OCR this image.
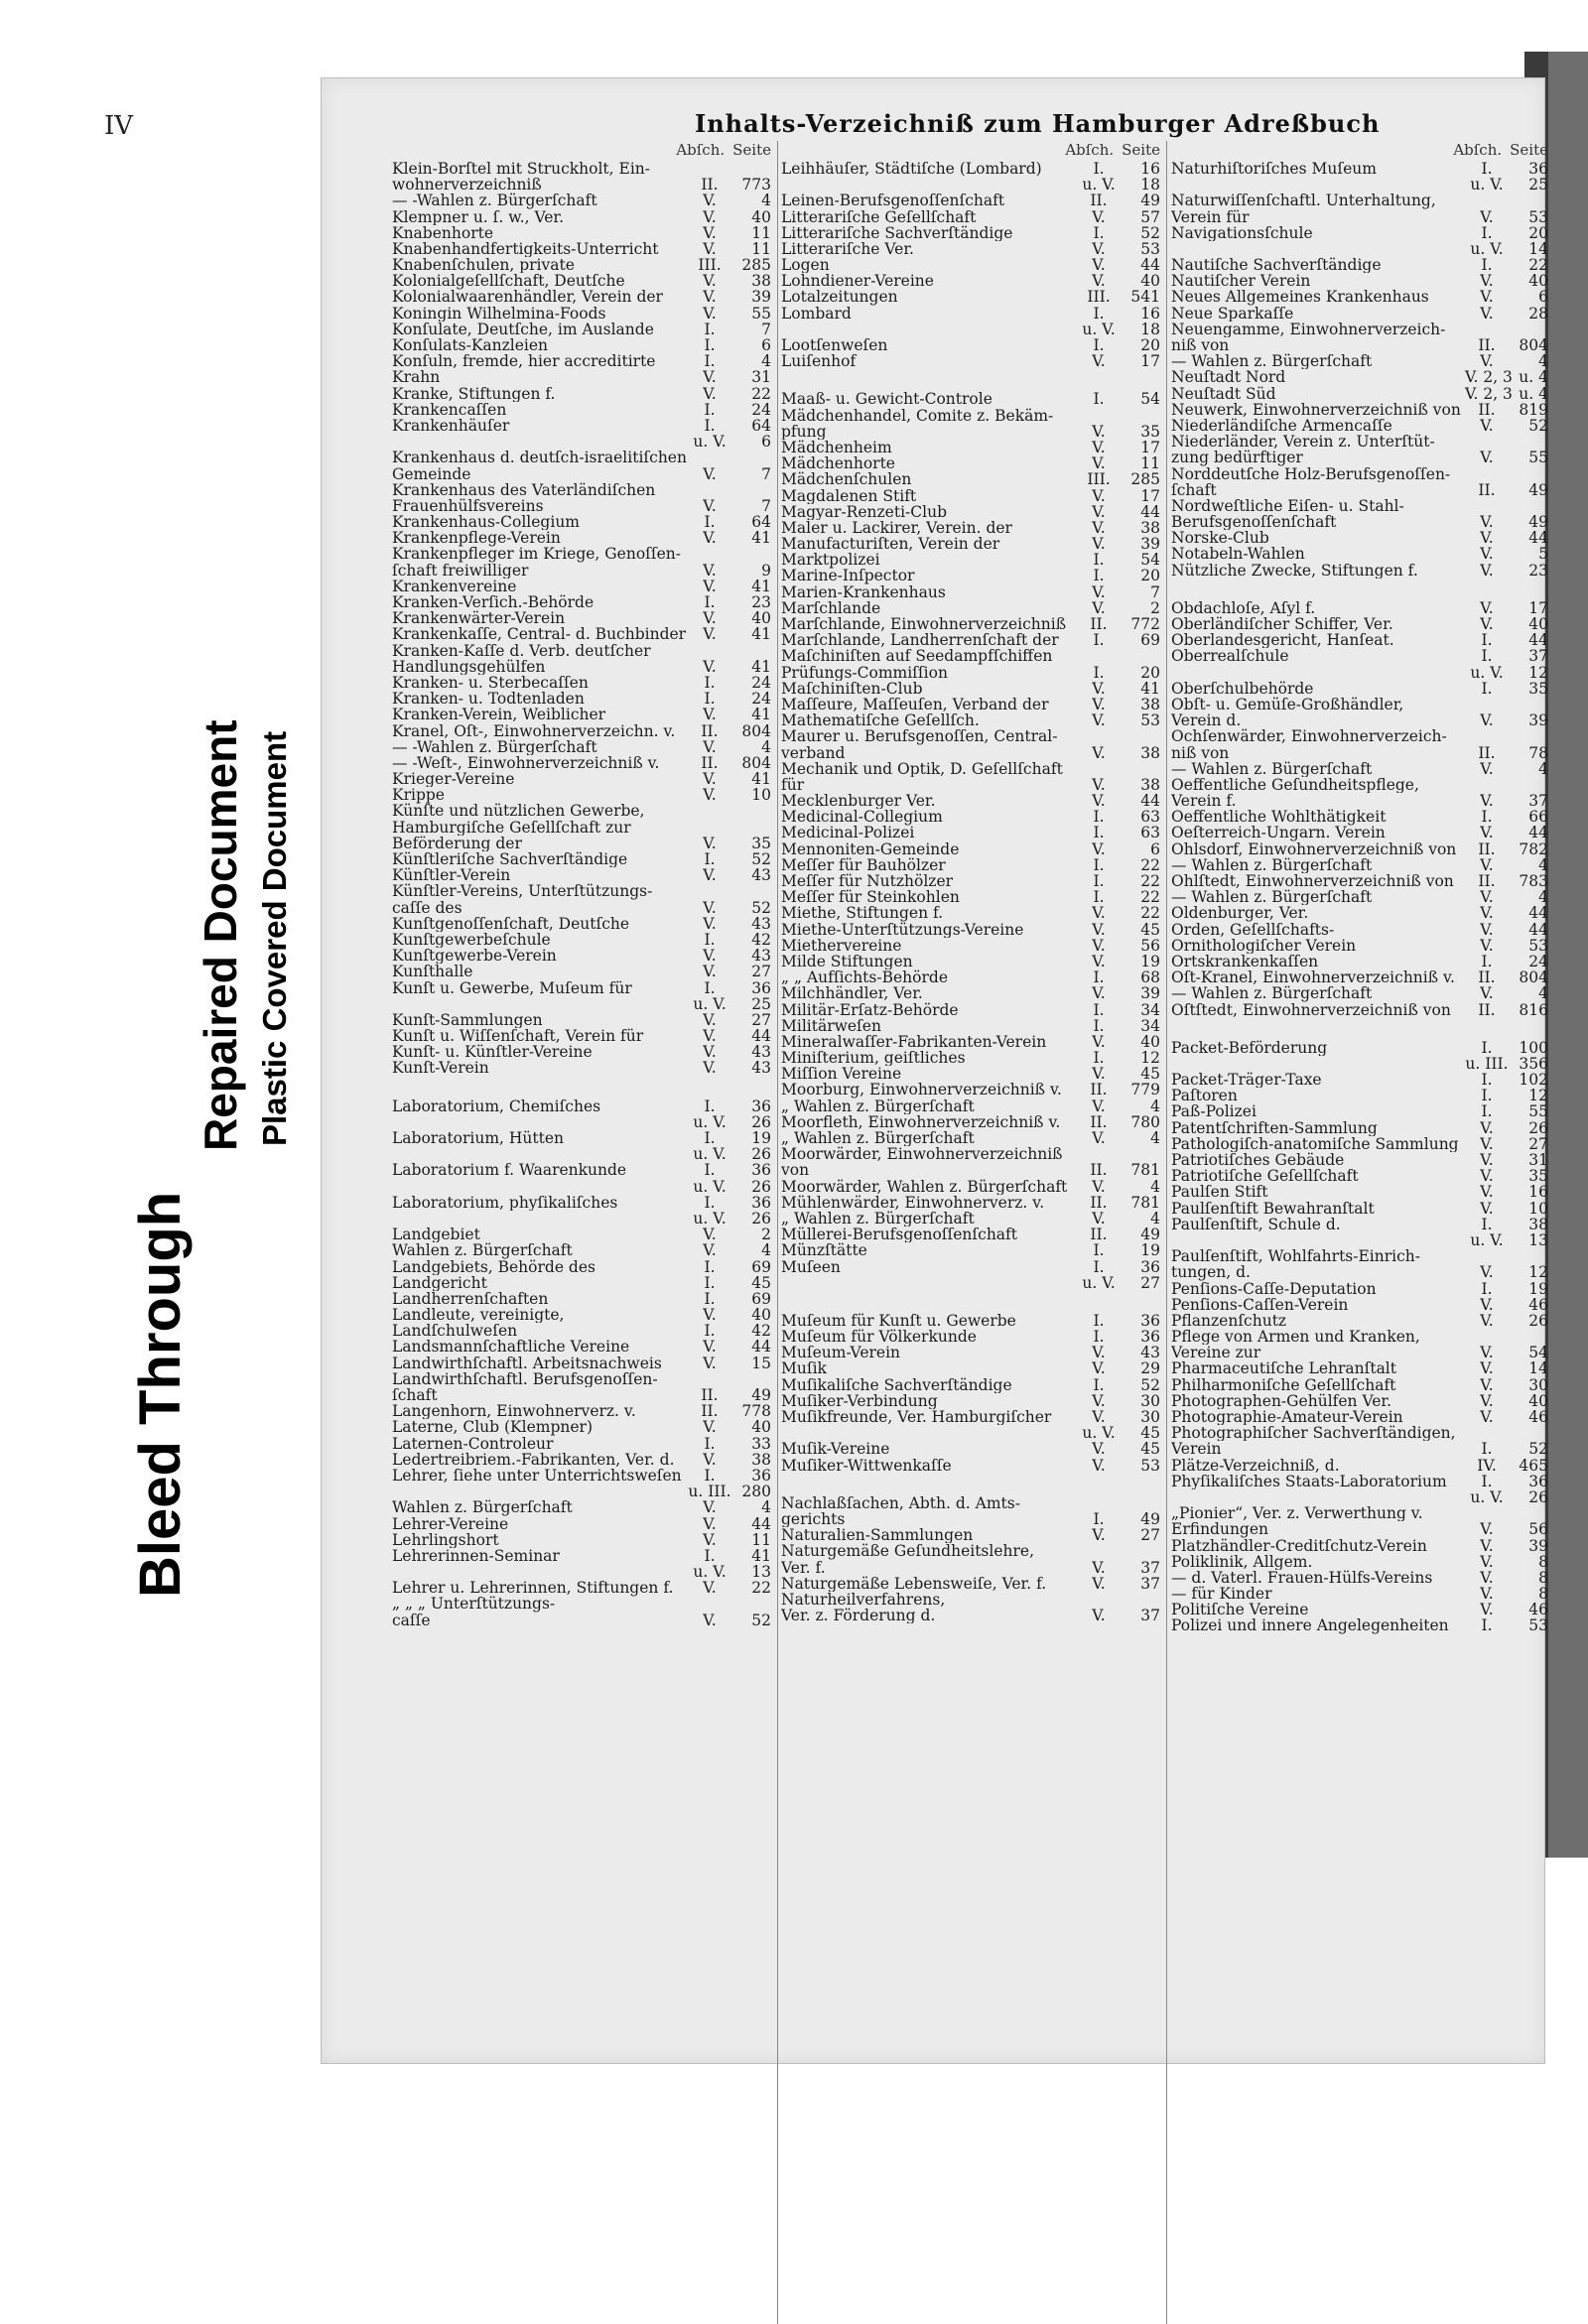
Bleed Through
Repaired Document Plastic Covered Document
IV	Inhalts-Verzeichniß zum Hamburger Adreßbuch
Abſch. Seite
Klein-Borſtel mit Struckholt, Ein-
wohnerverzeichniß	II.	773
— -Wahlen z. Bürgerſchaft	V.	4
Klempner u. ſ. w., Ver.	V.	40
Knabenhorte	V.	11
Knabenhandfertigkeits-Unterricht	V.	11
Knabenſchulen, private	III.	285
Kolonialgeſellſchaft, Deutſche	V.	38
Kolonialwaarenhändler, Verein der	V.	39
Koningin Wilhelmina-Foods	V.	55
Konſulate, Deutſche, im Auslande	I.	7
Konſulats-Kanzleien	I.	6
Konſuln, fremde, hier accreditirte	I.	4
Krahn	V.	31
Kranke, Stiftungen f.	V.	22
Krankencaſſen	I.	24
Krankenhäuſer	I.	64
u. V.	6
Krankenhaus d. deutſch-israelitiſchen
Gemeinde	V.	7
Krankenhaus des Vaterländiſchen
Frauenhülfsvereins	V.	7
Krankenhaus-Collegium	I.	64
Krankenpflege-Verein	V.	41
Krankenpfleger im Kriege, Genoſſen-
ſchaft freiwilliger	V.	9
Krankenvereine	V.	41
Kranken-Verſich.-Behörde	I.	23
Krankenwärter-Verein	V.	40
Krankenkaſſe, Central- d. Buchbinder	V.	41
Kranken-Kaſſe d. Verb. deutſcher
Handlungsgehülfen	V.	41
Kranken- u. Sterbecaſſen	I.	24
Kranken- u. Todtenladen	I.	24
Kranken-Verein, Weiblicher	V.	41
Kranel, Oſt-, Einwohnerverzeichn. v.	II.	804
— -Wahlen z. Bürgerſchaft	V.	4
— -Weſt-, Einwohnerverzeichniß v.	II.	804
Krieger-Vereine	V.	41
Krippe	V.	10
Künſte und nützlichen Gewerbe,
Hamburgiſche Geſellſchaft zur
Beförderung der	V.	35
Künſtleriſche Sachverſtändige	I.	52
Künſtler-Verein	V.	43
Künſtler-Vereins, Unterſtützungs-
caſſe des	V.	52
Kunſtgenoſſenſchaft, Deutſche	V.	43
Kunſtgewerbeſchule	I.	42
Kunſtgewerbe-Verein	V.	43
Kunſthalle	V.	27
Kunſt u. Gewerbe, Muſeum für	I.	36
u. V.	25
Kunſt-Sammlungen	V.	27
Kunſt u. Wiſſenſchaft, Verein für	V.	44
Kunſt- u. Künſtler-Vereine	V.	43
Kunſt-Verein	V.	43
Laboratorium, Chemiſches	I.	36
u. V.	26
Laboratorium, Hütten	I.	19
u. V.	26
Laboratorium f. Waarenkunde	I.	36
u. V.	26
Laboratorium, phyſikaliſches	I.	36
u. V.	26
Landgebiet	V.	2
Wahlen z. Bürgerſchaft	V.	4
Landgebiets, Behörde des	I.	69
Landgericht	I.	45
Landherrenſchaften	I.	69
Landleute, vereinigte,	V.	40
Landſchulweſen	I.	42
Landsmannſchaftliche Vereine	V.	44
Landwirthſchaftl. Arbeitsnachweis	V.	15
Landwirthſchaftl. Berufsgenoſſen-
ſchaft	II.	49
Langenhorn, Einwohnerverz. v.	II.	778
Laterne, Club (Klempner)	V.	40
Laternen-Controleur	I.	33
Ledertreibriem.-Fabrikanten, Ver. d.	V.	38
Lehrer, ſiehe unter Unterrichtsweſen	I.	36
u. III. 280
Wahlen z. Bürgerſchaft	V.	4
Lehrer-Vereine	V.	44
Lehrlingshort	V.	11
Lehrerinnen-Seminar	I.	41
u. V.	13
Lehrer u. Lehrerinnen, Stiftungen f.	V.	22
„ „ „ Unterſtützungs-
caſſe	V.	52
Abſch. Seite
Leihhäuſer, Städtiſche (Lombard)	I.	16
u. V.	18
Leinen-Berufsgenoſſenſchaft	II.	49
Litterariſche Geſellſchaft	V.	57
Litterariſche Sachverſtändige	I.	52
Litterariſche Ver.	V.	53
Logen	V.	44
Lohndiener-Vereine	V.	40
Lotalzeitungen	III.	541
Lombard	I.	16
u. V.	18
Lootſenweſen	I.	20
Luiſenhof	V.	17
Maaß- u. Gewicht-Controle	I.	54
Mädchenhandel, Comite z. Bekäm-
pfung	V.	35
Mädchenheim	V.	17
Mädchenhorte	V.	11
Mädchenſchulen	III.	285
Magdalenen Stift	V.	17
Magyar-Renzeti-Club	V.	44
Maler u. Lackirer, Verein. der	V.	38
Manufacturiſten, Verein der	V.	39
Marktpolizei	I.	54
Marine-Inſpector	I.	20
Marien-Krankenhaus	V.	7
Marſchlande	V.	2
Marſchlande, Einwohnerverzeichniß	II.	772
Marſchlande, Landherrenſchaft der	I.	69
Maſchiniſten auf Seedampfſchiffen
Prüfungs-Commiſſion	I.	20
Maſchiniſten-Club	V.	41
Maſſeure, Maſſeuſen, Verband der	V.	38
Mathematiſche Geſellſch.	V.	53
Maurer u. Berufsgenoſſen, Central-
verband	V.	38
Mechanik und Optik, D. Geſellſchaft
für	V.	38
Mecklenburger Ver.	V.	44
Medicinal-Collegium	I.	63
Medicinal-Polizei	I.	63
Mennoniten-Gemeinde	V.	6
Meſſer für Bauhölzer	I.	22
Meſſer für Nutzhölzer	I.	22
Meſſer für Steinkohlen	I.	22
Miethe, Stiftungen f.	V.	22
Miethe-Unterſtützungs-Vereine	V.	45
Miethervereine	V.	56
Milde Stiftungen	V.	19
„ „ Aufſichts-Behörde	I.	68
Milchhändler, Ver.	V.	39
Militär-Erſatz-Behörde	I.	34
Militärweſen	I.	34
Mineralwaſſer-Fabrikanten-Verein	V.	40
Miniſterium, geiſtliches	I.	12
Miſſion Vereine	V.	45
Moorburg, Einwohnerverzeichniß v.	II.	779
„ Wahlen z. Bürgerſchaft	V.	4
Moorfleth, Einwohnerverzeichniß v.	II.	780
„ Wahlen z. Bürgerſchaft	V.	4
Moorwärder, Einwohnerverzeichniß
von	II.	781
Moorwärder, Wahlen z. Bürgerſchaft	V.	4
Mühlenwärder, Einwohnerverz. v.	II.	781
„ Wahlen z. Bürgerſchaft	V.	4
Müllerei-Berufsgenoſſenſchaft	II.	49
Münzſtätte	I.	19
Muſeen	I.	36
u. V.	27
Muſeum für Kunſt u. Gewerbe	I.	36
Muſeum für Völkerkunde	I.	36
Muſeum-Verein	V.	43
Muſik	V.	29
Muſikaliſche Sachverſtändige	I.	52
Muſiker-Verbindung	V.	30
Muſikfreunde, Ver. Hamburgiſcher	V.	30
u. V.	45
Muſik-Vereine	V.	45
Muſiker-Wittwenkaſſe	V.	53
Nachlaßſachen, Abth. d. Amts-
gerichts	I.	49
Naturalien-Sammlungen	V.	27
Naturgemäße Geſundheitslehre,
Ver. f.	V.	37
Naturgemäße Lebensweiſe, Ver. f.	V.	37
Naturheilverfahrens,
Ver. z. Förderung d.	V.	37
Abſch. Seite
Naturhiſtoriſches Muſeum	I.	36
u. V.	25
Naturwiſſenſchaftl. Unterhaltung,
Verein für	V.	53
Navigationsſchule	I.	20
u. V.	14
Nautiſche Sachverſtändige	I.	22
Nautiſcher Verein	V.	40
Neues Allgemeines Krankenhaus	V.	6
Neue Sparkaſſe	V.	28
Neuengamme, Einwohnerverzeich-
niß von	II.	804
— Wahlen z. Bürgerſchaft	V.	4
Neuſtadt Nord	V. 2, 3 u. 4
Neuſtadt Süd	V. 2, 3 u. 4
Neuwerk, Einwohnerverzeichniß von	II.	819
Niederländiſche Armencaſſe	V.	52
Niederländer, Verein z. Unterſtüt-
zung bedürftiger	V.	55
Norddeutſche Holz-Berufsgenoſſen-
ſchaft	II.	49
Nordweſtliche Eiſen- u. Stahl-
Berufsgenoſſenſchaft	V.	49
Norske-Club	V.	44
Notabeln-Wahlen	V.	5
Nützliche Zwecke, Stiftungen f.	V.	23
Obdachloſe, Aſyl f.	V.	17
Oberländiſcher Schiffer, Ver.	V.	40
Oberlandesgericht, Hanſeat.	I.	44
Oberrealſchule	I.	37
u. V.	12
Oberſchulbehörde	I.	35
Obſt- u. Gemüſe-Großhändler,
Verein d.	V.	39
Ochſenwärder, Einwohnerverzeich-
niß von	II.	78
— Wahlen z. Bürgerſchaft	V.	4
Oeffentliche Geſundheitspflege,
Verein f.	V.	37
Oeffentliche Wohlthätigkeit	I.	66
Oeſterreich-Ungarn. Verein	V.	44
Ohlsdorf, Einwohnerverzeichniß von	II.	782
— Wahlen z. Bürgerſchaft	V.	4
Ohlſtedt, Einwohnerverzeichniß von	II.	783
— Wahlen z. Bürgerſchaft	V.	4
Oldenburger, Ver.	V.	44
Orden, Geſellſchafts-	V.	44
Ornithologiſcher Verein	V.	53
Ortskrankenkaſſen	I.	24
Oſt-Kranel, Einwohnerverzeichniß v.	II.	804
— Wahlen z. Bürgerſchaft	V.	4
Oſtſtedt, Einwohnerverzeichniß von	II.	816
Packet-Beförderung	I.	100
u. III. 356
Packet-Träger-Taxe	I.	102
Paſtoren	I.	12
Paß-Polizei	I.	55
Patentſchriften-Sammlung	V.	26
Pathologiſch-anatomiſche Sammlung	V.	27
Patriotiſches Gebäude	V.	31
Patriotiſche Geſellſchaft	V.	35
Paulſen Stift	V.	16
Paulſenſtift Bewahranſtalt	V.	10
Paulſenſtift, Schule d.	I.	38
u. V.	13
Paulſenſtift, Wohlfahrts-Einrich-
tungen, d.	V.	12
Penſions-Caſſe-Deputation	I.	19
Penſions-Caſſen-Verein	V.	46
Pflanzenſchutz	V.	26
Pflege von Armen und Kranken,
Vereine zur	V.	54
Pharmaceutiſche Lehranſtalt	V.	14
Philharmoniſche Geſellſchaft	V.	30
Photographen-Gehülfen Ver.	V.	40
Photographie-Amateur-Verein	V.	46
Photographiſcher Sachverſtändigen,
Verein	I.	52
Plätze-Verzeichniß, d.	IV.	465
Phyſikaliſches Staats-Laboratorium	I.	36
u. V.	26
„Pionier“, Ver. z. Verwerthung v.
Erfindungen	V.	56
Platzhändler-Creditſchutz-Verein	V.	39
Poliklinik, Allgem.	V.	8
— d. Vaterl. Frauen-Hülfs-Vereins	V.	8
— für Kinder	V.	8
Politiſche Vereine	V.	46
Polizei und innere Angelegenheiten	I.	53
